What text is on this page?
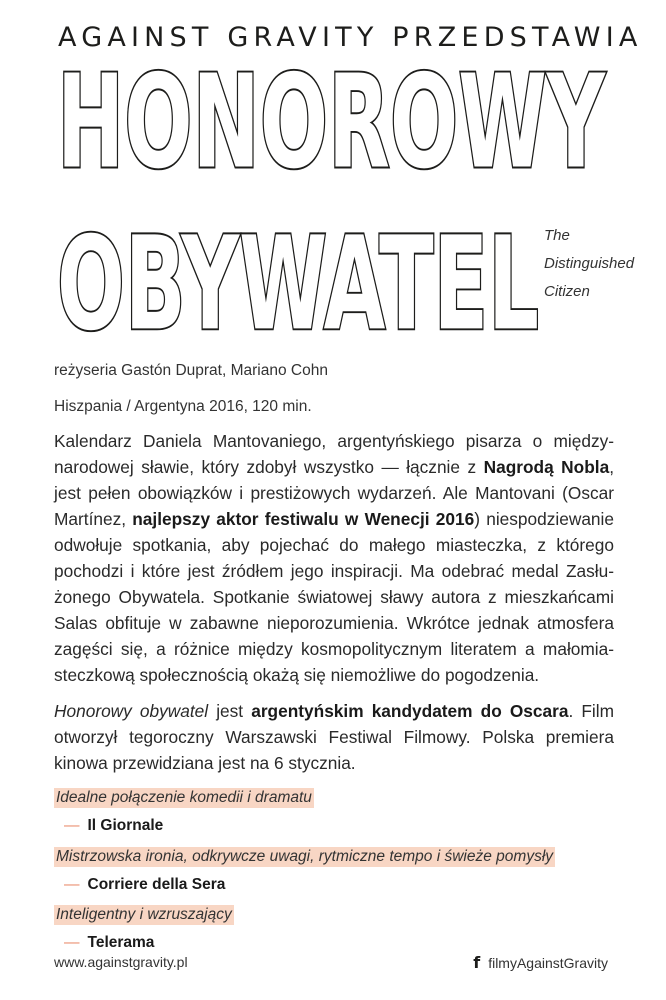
AGAINST GRAVITY PRZEDSTAWIA
HONOROWY
OBYWATEL The
Distinguished
Citizen
reżyseria Gastón Duprat, Mariano Cohn
Hiszpania / Argentyna 2016, 120 min.

Kalendarz Daniela Mantovaniego, argentyńskiego pisarza o między-narodowej sławie, który zdobył wszystko — łącznie z Nagrodą Nobla, jest pełen obowiązków i prestiżowych wydarzeń. Ale Mantovani (Oscar Martínez, najlepszy aktor festiwalu w Wenecji 2016) niespodziewanie odwołuje spotkania, aby pojechać do małego miasteczka, z którego pochodzi i które jest źródłem jego inspiracji. Ma odebrać medal Zasłu-żonego Obywatela. Spotkanie światowej sławy autora z mieszkańcami Salas obfituje w zabawne nieporozumienia. Wkrótce jednak atmosfera zagęści się, a różnice między kosmopolitycznym literatem a małomia-steczkową społecznością okażą się niemożliwe do pogodzenia.

Honorowy obywatel jest argentyńskim kandydatem do Oscara. Film otworzył tegoroczny Warszawski Festiwal Filmowy. Polska premiera kinowa przewidziana jest na 6 stycznia.

Idealne połączenie komedii i dramatu
— Il Giornale
Mistrzowska ironia, odkrywcze uwagi, rytmiczne tempo i świeże pomysły
— Corriere della Sera
Inteligentny i wzruszający
— Telerama
www.againstgravity.pl	f filmyAgainstGravity
